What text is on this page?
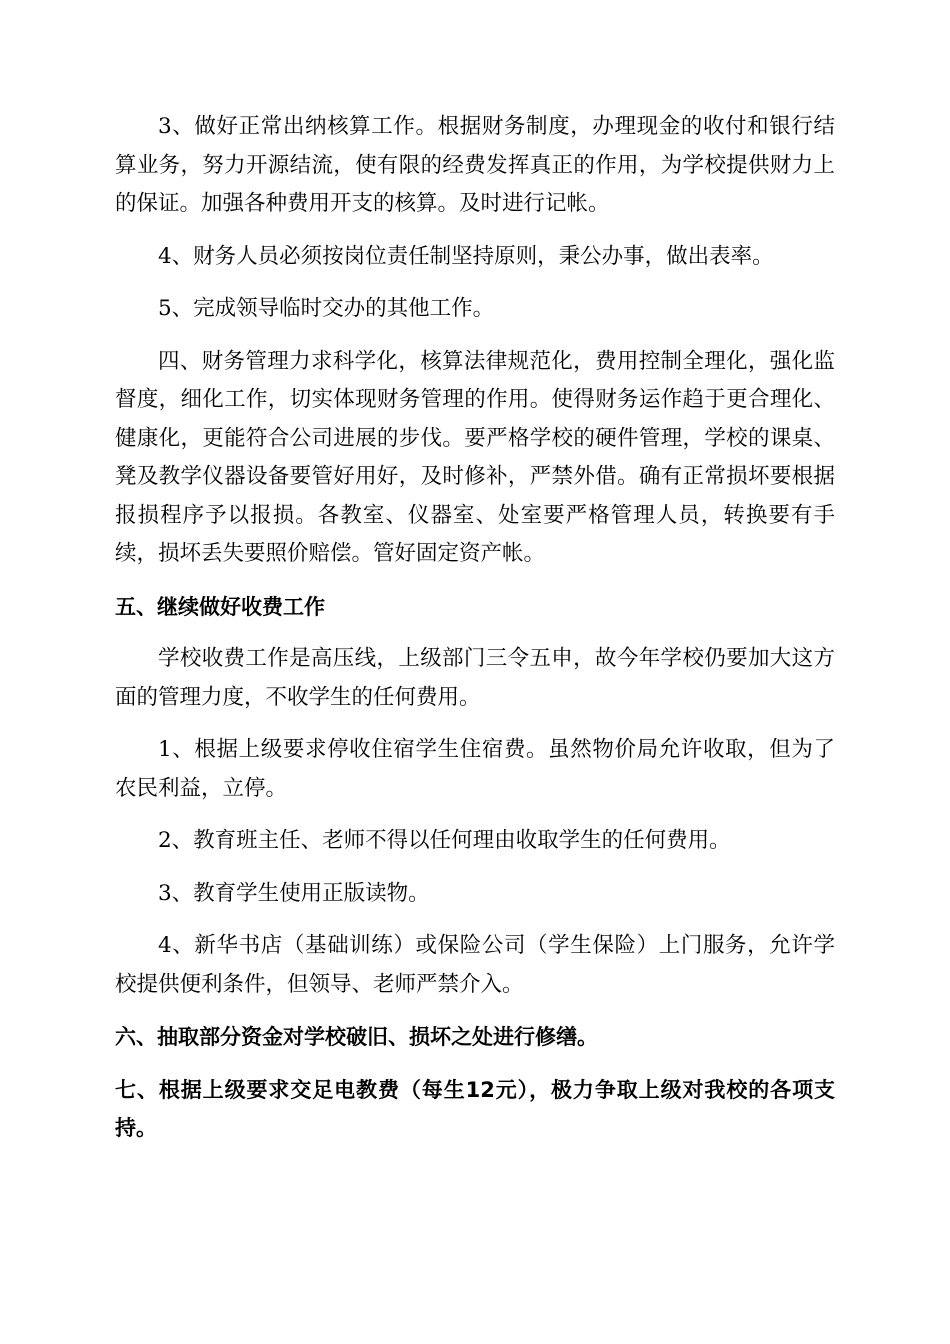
3、做好正常出纳核算工作。根据财务制度，办理现金的收付和银行结算业务，努力开源结流，使有限的经费发挥真正的作用，为学校提供财力上的保证。加强各种费用开支的核算。及时进行记帐。

4、财务人员必须按岗位责任制坚持原则，秉公办事，做出表率。

5、完成领导临时交办的其他工作。

四、财务管理力求科学化，核算法律规范化，费用控制全理化，强化监督度，细化工作，切实体现财务管理的作用。使得财务运作趋于更合理化、健康化，更能符合公司进展的步伐。要严格学校的硬件管理，学校的课桌、凳及教学仪器设备要管好用好，及时修补，严禁外借。确有正常损坏要根据报损程序予以报损。各教室、仪器室、处室要严格管理人员，转换要有手续，损坏丢失要照价赔偿。管好固定资产帐。

五、继续做好收费工作

学校收费工作是高压线，上级部门三令五申，故今年学校仍要加大这方面的管理力度，不收学生的任何费用。

1、根据上级要求停收住宿学生住宿费。虽然物价局允许收取，但为了农民利益，立停。

2、教育班主任、老师不得以任何理由收取学生的任何费用。

3、教育学生使用正版读物。

4、新华书店（基础训练）或保险公司（学生保险）上门服务，允许学校提供便利条件，但领导、老师严禁介入。

六、抽取部分资金对学校破旧、损坏之处进行修缮。

七、根据上级要求交足电教费（每生12元），极力争取上级对我校的各项支持。
